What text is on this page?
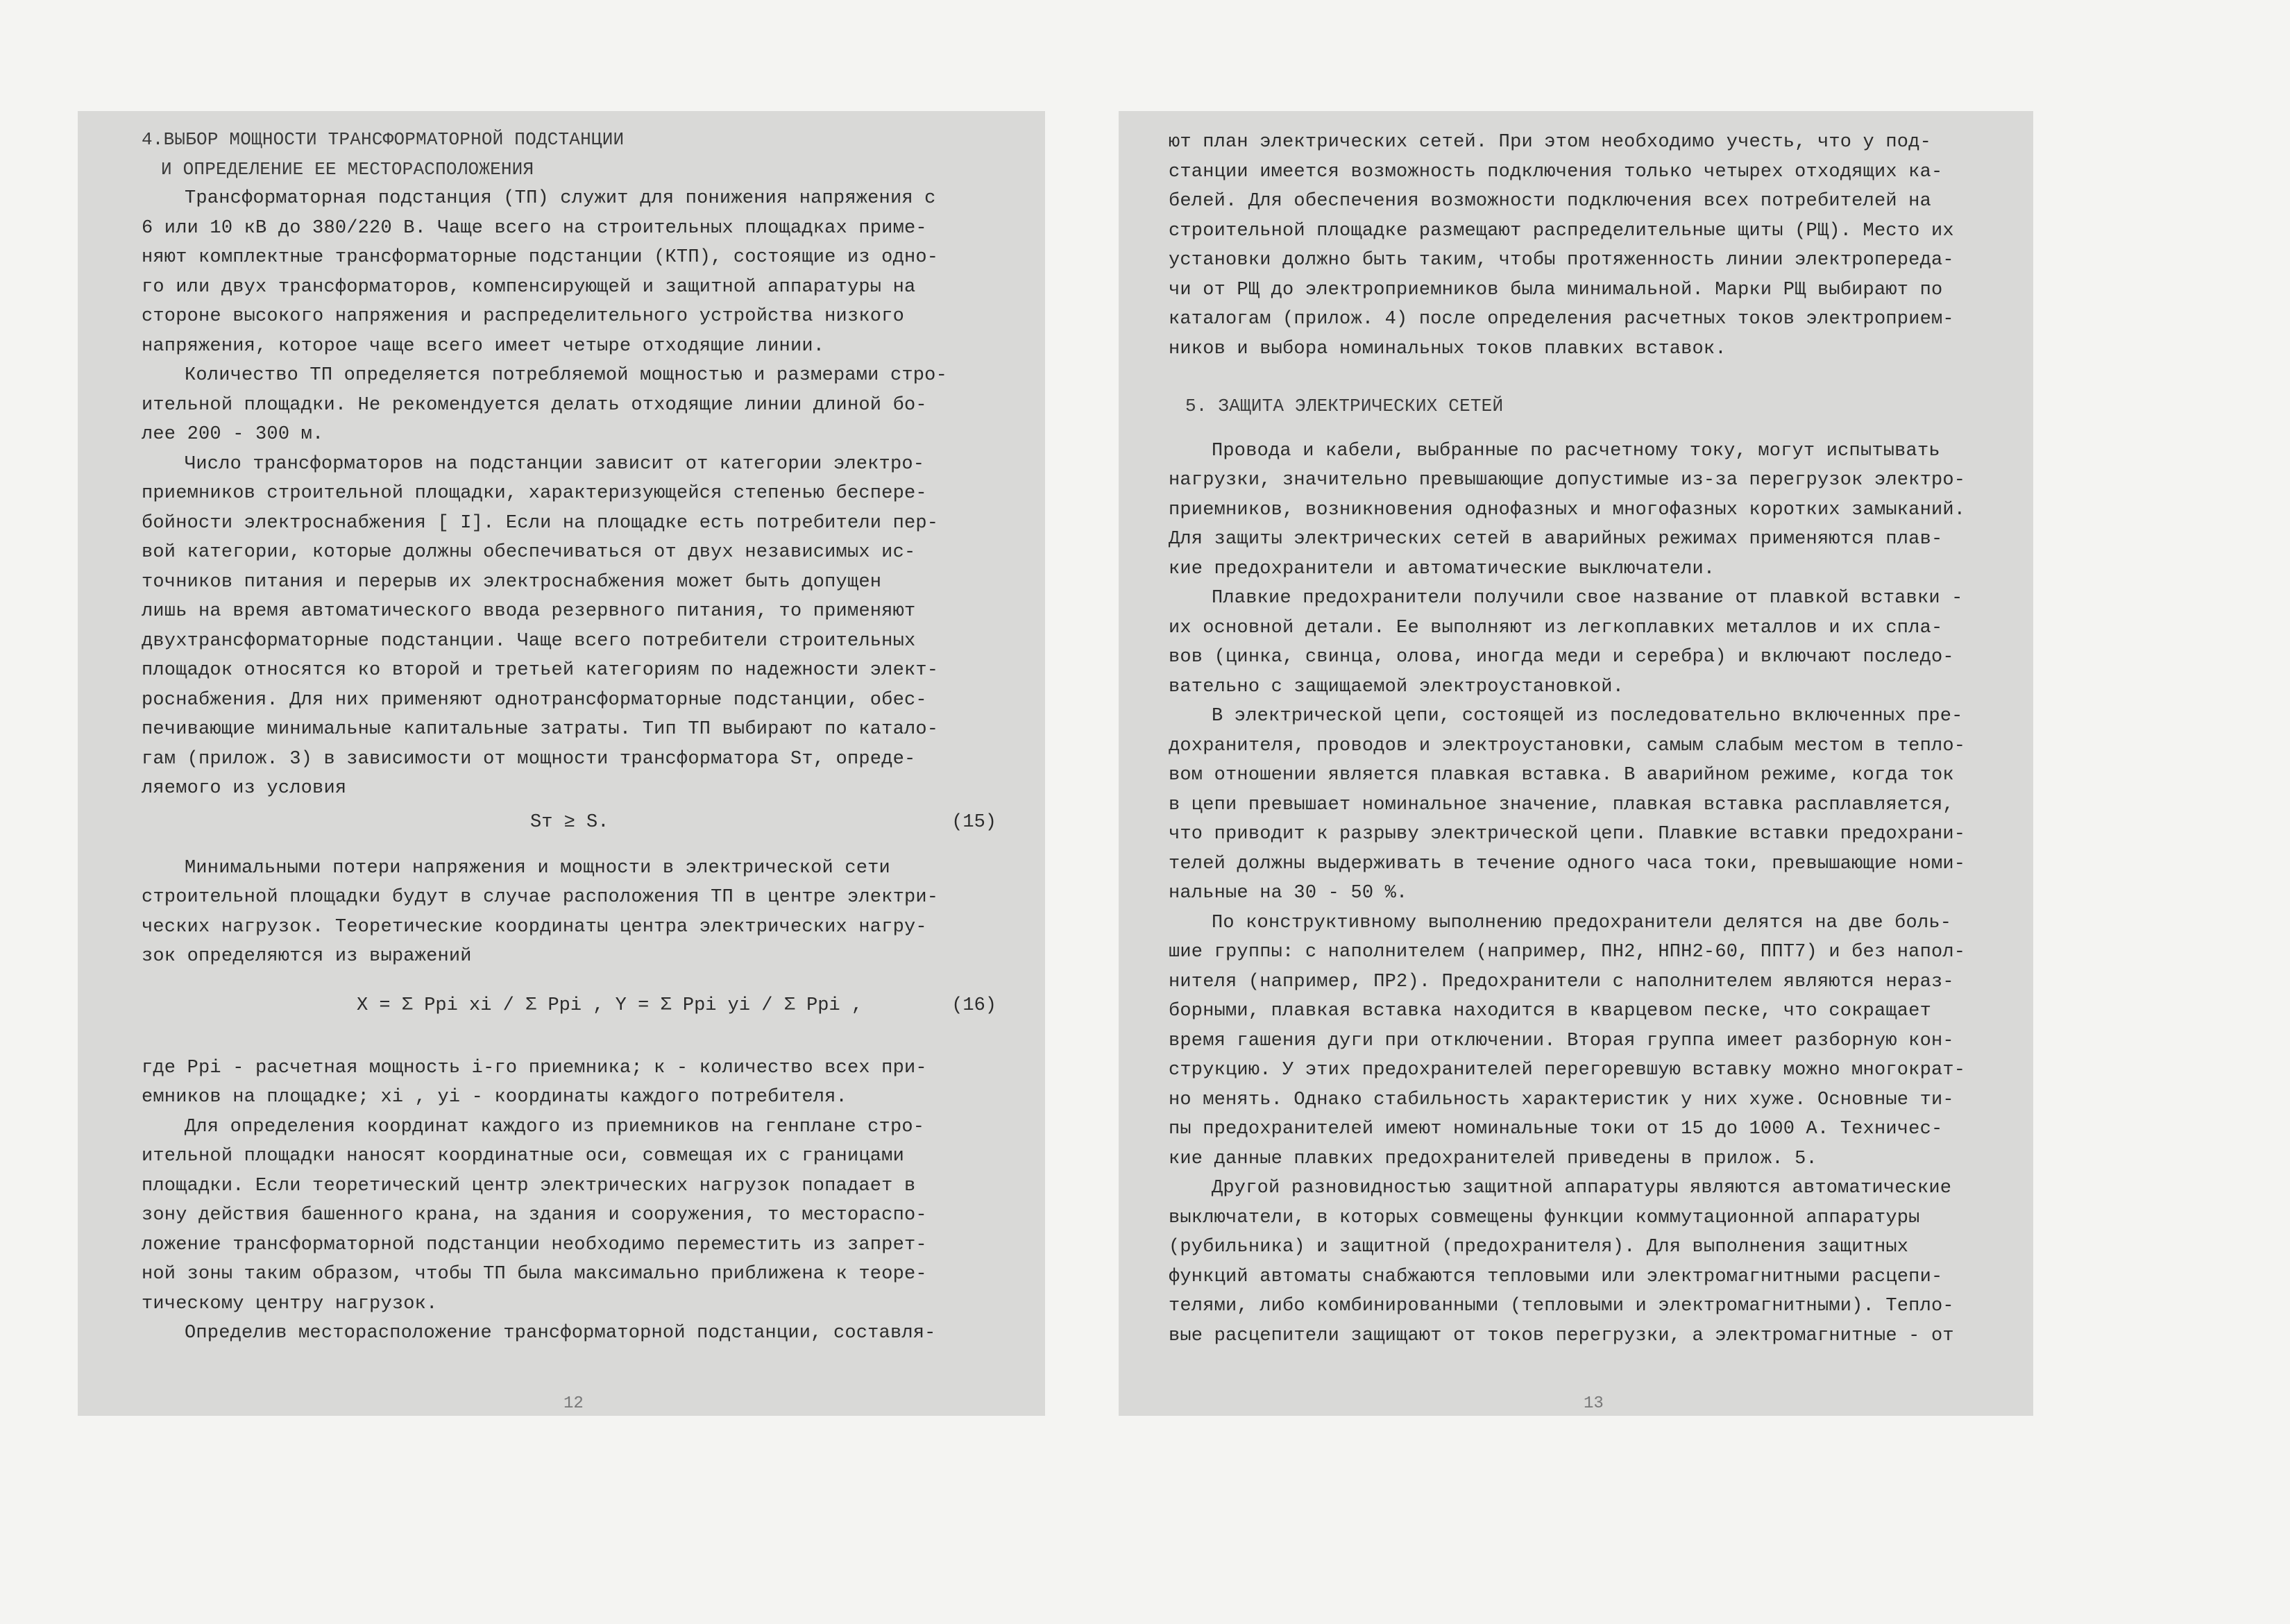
4.ВЫБОР МОЩНОСТИ ТРАНСФОРМАТОРНОЙ ПОДСТАНЦИИ
И ОПРЕДЕЛЕНИЕ ЕЕ МЕСТОРАСПОЛОЖЕНИЯ
Трансформаторная подстанция (ТП) служит для понижения напряжения с
6 или 10 кВ до 380/220 В. Чаще всего на строительных площадках приме-
няют комплектные трансформаторные подстанции (КТП), состоящие из одно-
го или двух трансформаторов, компенсирующей и защитной аппаратуры на
стороне высокого напряжения и распределительного устройства низкого
напряжения, которое чаще всего имеет четыре отходящие линии.
Количество ТП определяется потребляемой мощностью и размерами стро-
ительной площадки. Не рекомендуется делать отходящие линии длиной бо-
лее 200 - 300 м.
Число трансформаторов на подстанции зависит от категории электро-
приемников строительной площадки, характеризующейся степенью беспере-
бойности электроснабжения [ I]. Если на площадке есть потребители пер-
вой категории, которые должны обеспечиваться от двух независимых ис-
точников питания и перерыв их электроснабжения может быть допущен
лишь на время автоматического ввода резервного питания, то применяют
двухтрансформаторные подстанции. Чаще всего потребители строительных
площадок относятся ко второй и третьей категориям по надежности элект-
роснабжения. Для них применяют однотрансформаторные подстанции, обес-
печивающие минимальные капитальные затраты. Тип ТП выбирают по катало-
гам (прилож. 3) в зависимости от мощности трансформатора Sт, опреде-
ляемого из условия
Sт ≥ S.	(15)
Минимальными потери напряжения и мощности в электрической сети
строительной площадки будут в случае расположения ТП в центре электри-
ческих нагрузок. Теоретические координаты центра электрических нагру-
зок определяются из выражений
X = Σ Ppi xi / Σ Ppi , Y = Σ Ppi yi / Σ Ppi ,	(16)
где Ppi - расчетная мощность i-го приемника; к - количество всех при-
емников на площадке; xi , yi - координаты каждого потребителя.
Для определения координат каждого из приемников на генплане стро-
ительной площадки наносят координатные оси, совмещая их с границами
площадки. Если теоретический центр электрических нагрузок попадает в
зону действия башенного крана, на здания и сооружения, то местораспо-
ложение трансформаторной подстанции необходимо переместить из запрет-
ной зоны таким образом, чтобы ТП была максимально приближена к теоре-
тическому центру нагрузок.
Определив месторасположение трансформаторной подстанции, составля-
12
ют план электрических сетей. При этом необходимо учесть, что у под-
станции имеется возможность подключения только четырех отходящих ка-
белей. Для обеспечения возможности подключения всех потребителей на
строительной площадке размещают распределительные щиты (РЩ). Место их
установки должно быть таким, чтобы протяженность линии электропереда-
чи от РЩ до электроприемников была минимальной. Марки РЩ выбирают по
каталогам (прилож. 4) после определения расчетных токов электроприем-
ников и выбора номинальных токов плавких вставок.
5. ЗАЩИТА ЭЛЕКТРИЧЕСКИХ СЕТЕЙ
Провода и кабели, выбранные по расчетному току, могут испытывать
нагрузки, значительно превышающие допустимые из-за перегрузок электро-
приемников, возникновения однофазных и многофазных коротких замыканий.
Для защиты электрических сетей в аварийных режимах применяются плав-
кие предохранители и автоматические выключатели.
Плавкие предохранители получили свое название от плавкой вставки -
их основной детали. Ее выполняют из легкоплавких металлов и их спла-
вов (цинка, свинца, олова, иногда меди и серебра) и включают последо-
вательно с защищаемой электроустановкой.
В электрической цепи, состоящей из последовательно включенных пре-
дохранителя, проводов и электроустановки, самым слабым местом в тепло-
вом отношении является плавкая вставка. В аварийном режиме, когда ток
в цепи превышает номинальное значение, плавкая вставка расплавляется,
что приводит к разрыву электрической цепи. Плавкие вставки предохрани-
телей должны выдерживать в течение одного часа токи, превышающие номи-
нальные на 30 - 50 %.
По конструктивному выполнению предохранители делятся на две боль-
шие группы: с наполнителем (например, ПН2, НПН2-60, ППТ7) и без напол-
нителя (например, ПР2). Предохранители с наполнителем являются нераз-
борными, плавкая вставка находится в кварцевом песке, что сокращает
время гашения дуги при отключении. Вторая группа имеет разборную кон-
струкцию. У этих предохранителей перегоревшую вставку можно многократ-
но менять. Однако стабильность характеристик у них хуже. Основные ти-
пы предохранителей имеют номинальные токи от 15 до 1000 А. Техничес-
кие данные плавких предохранителей приведены в прилож. 5.
Другой разновидностью защитной аппаратуры являются автоматические
выключатели, в которых совмещены функции коммутационной аппаратуры
(рубильника) и защитной (предохранителя). Для выполнения защитных
функций автоматы снабжаются тепловыми или электромагнитными расцепи-
телями, либо комбинированными (тепловыми и электромагнитными). Тепло-
вые расцепители защищают от токов перегрузки, а электромагнитные - от
13
